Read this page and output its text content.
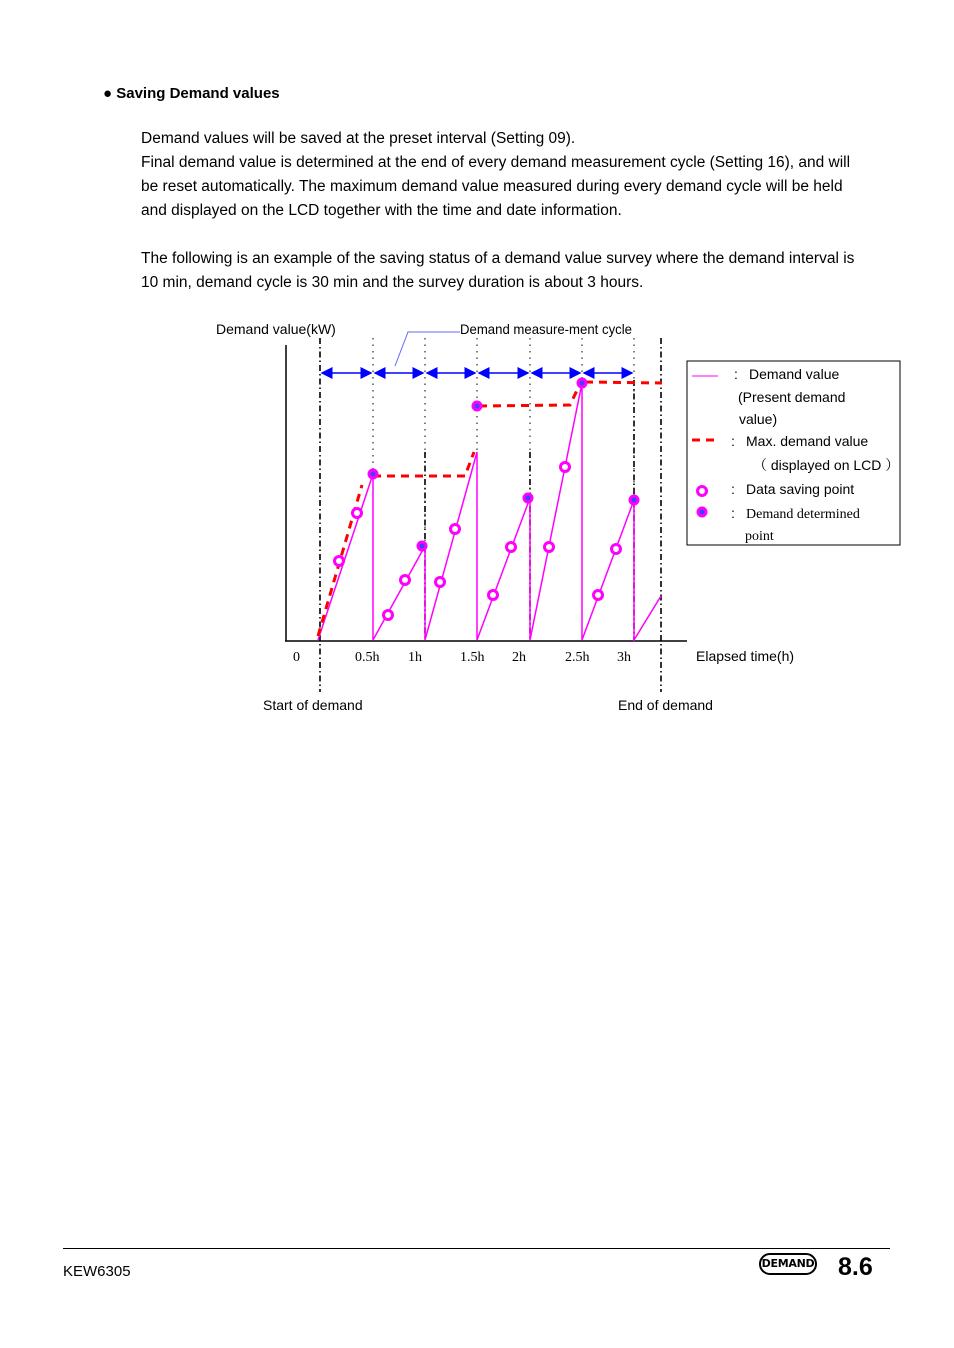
● Saving Demand values

Demand values will be saved at the preset interval (Setting 09).

Final demand value is determined at the end of every demand measurement cycle (Setting 16), and will be reset automatically. The maximum demand value measured during every demand cycle will be held and displayed on the LCD together with the time and date information.

The following is an example of the saving status of a demand value survey where the demand interval is 10 min, demand cycle is 30 min and the survey duration is about 3 hours.

Demand value(kW)	Demand measure-ment cycle
Elapsed time(h)
0	0.5h 1h	1.5h 2h	2.5h 3h
Start of demand	End of demand
: Demand value
(Present demand
value)
: Max. demand value
（ displayed on LCD ）
: Data saving point
: Demand determined
point
KEW6305	DEMAND 8.6
